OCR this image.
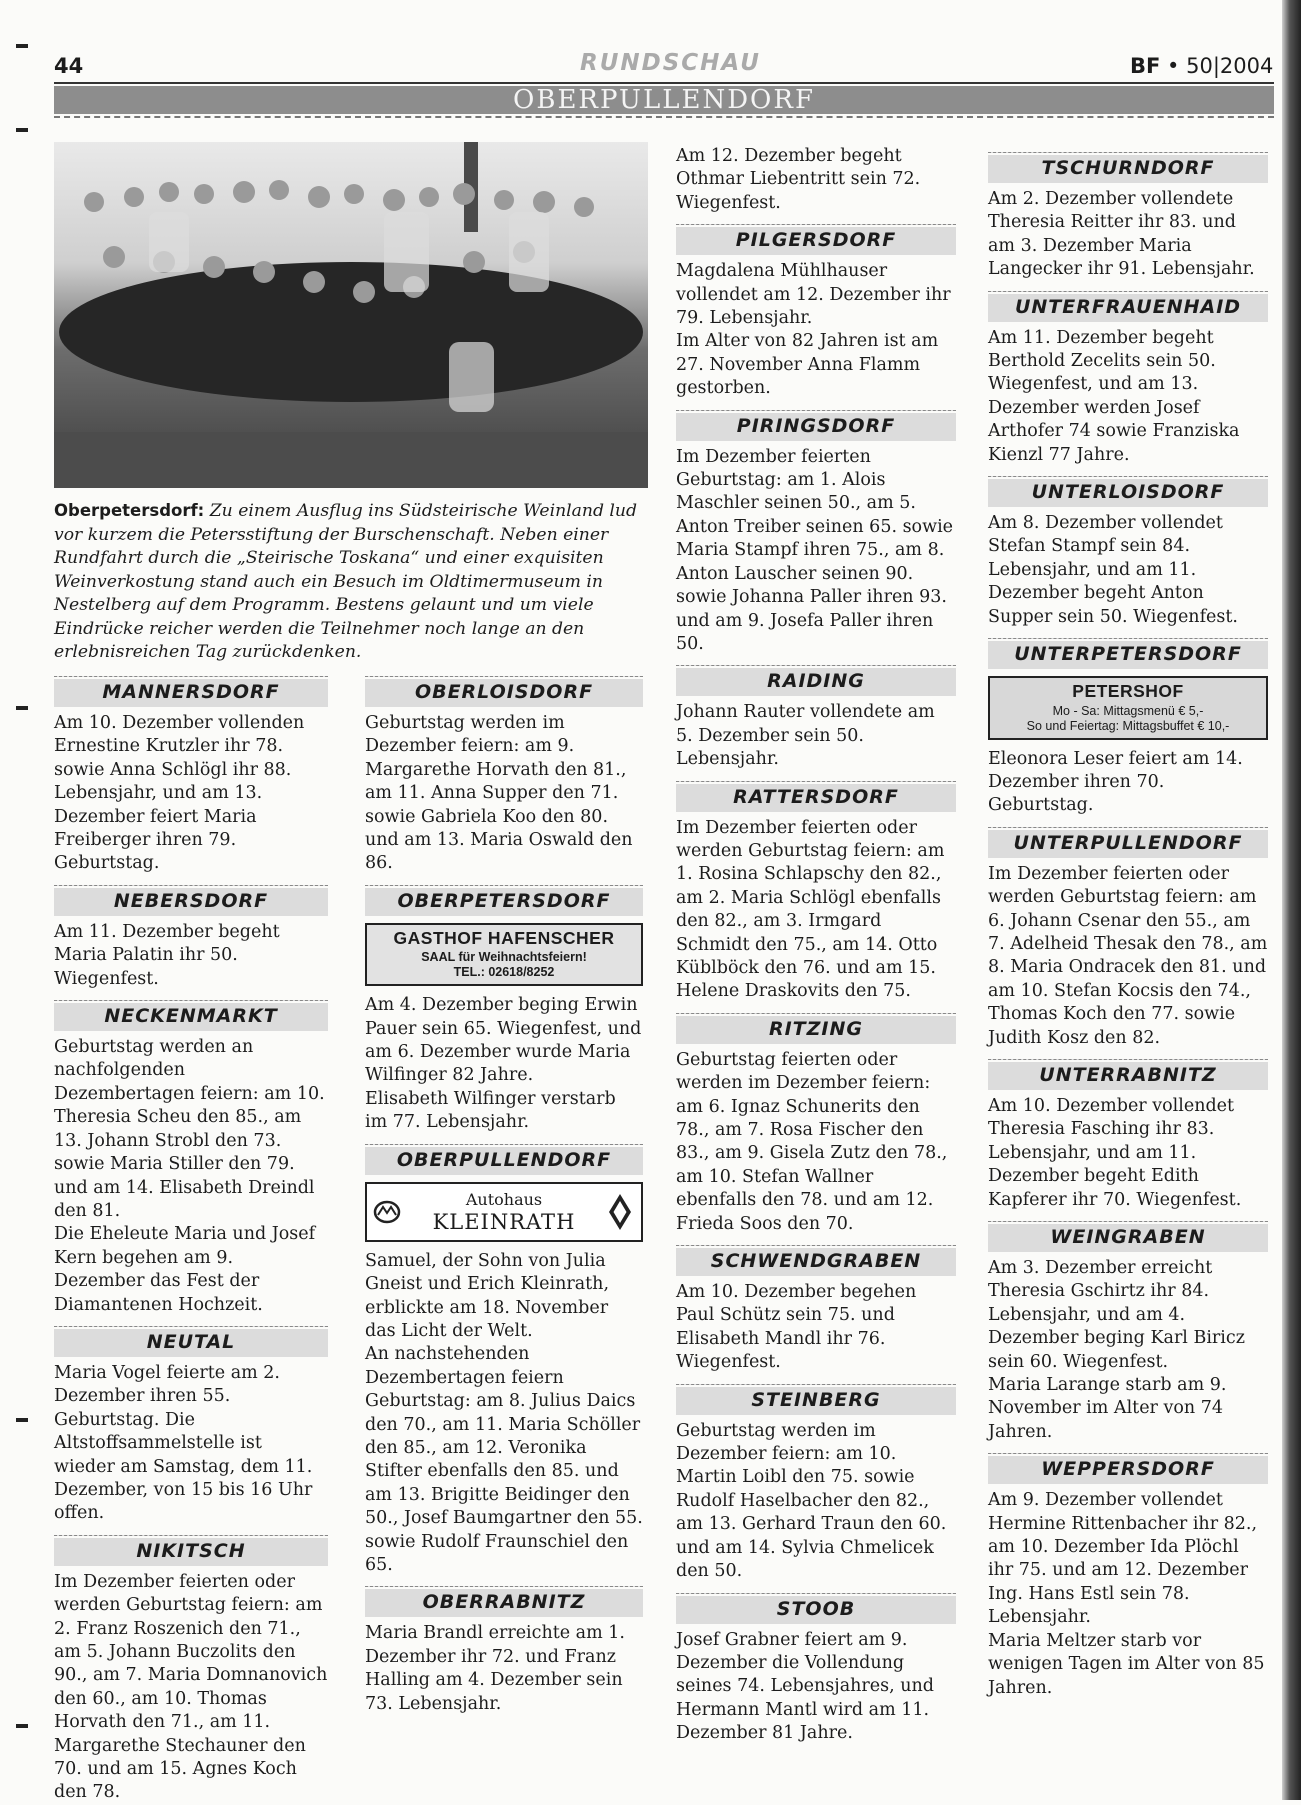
44	RUNDSCHAU	BF • 50|2004
OBERPULLENDORF
Oberpetersdorf: Zu einem Ausflug ins Südsteirische Weinland lud vor kurzem die Petersstiftung der Burschenschaft. Neben einer Rundfahrt durch die „Steirische Toskana“ und einer exquisiten Weinverkostung stand auch ein Besuch im Oldtimermuseum in Nestelberg auf dem Programm. Bestens gelaunt und um viele Eindrücke reicher werden die Teilnehmer noch lange an den erlebnisreichen Tag zurückdenken.
MANNERSDORF

Am 10. Dezember vollenden Ernestine Krutzler ihr 78. sowie Anna Schlögl ihr 88. Lebensjahr, und am 13. Dezember feiert Maria Freiberger ihren 79. Geburtstag.

NEBERSDORF

Am 11. Dezember begeht Maria Palatin ihr 50. Wiegenfest.

NECKENMARKT

Geburtstag werden an nachfolgenden Dezembertagen feiern: am 10. Theresia Scheu den 85., am 13. Johann Strobl den 73. sowie Maria Stiller den 79. und am 14. Elisabeth Dreindl den 81.

Die Eheleute Maria und Josef Kern begehen am 9. Dezember das Fest der Diamantenen Hochzeit.

NEUTAL

Maria Vogel feierte am 2. Dezember ihren 55. Geburtstag. Die Altstoffsammelstelle ist wieder am Samstag, dem 11. Dezember, von 15 bis 16 Uhr offen.

NIKITSCH

Im Dezember feierten oder werden Geburtstag feiern: am 2. Franz Roszenich den 71., am 5. Johann Buczolits den 90., am 7. Maria Domnanovich den 60., am 10. Thomas Horvath den 71., am 11. Margarethe Stechauner den 70. und am 15. Agnes Koch den 78.

OBERLOISDORF

Geburtstag werden im Dezember feiern: am 9. Margarethe Horvath den 81., am 11. Anna Supper den 71. sowie Gabriela Koo den 80. und am 13. Maria Oswald den 86.

OBERPETERSDORF
GASTHOF HAFENSCHER
SAAL für Weihnachtsfeiern!
TEL.: 02618/8252

Am 4. Dezember beging Erwin Pauer sein 65. Wiegenfest, und am 6. Dezember wurde Maria Wilfinger 82 Jahre.

Elisabeth Wilfinger verstarb im 77. Lebensjahr.

OBERPULLENDORF
Autohaus
KLEINRATH

Samuel, der Sohn von Julia Gneist und Erich Kleinrath, erblickte am 18. November das Licht der Welt.

An nachstehenden Dezembertagen feiern Geburtstag: am 8. Julius Daics den 70., am 11. Maria Schöller den 85., am 12. Veronika Stifter ebenfalls den 85. und am 13. Brigitte Beidinger den 50., Josef Baumgartner den 55. sowie Rudolf Fraunschiel den 65.

OBERRABNITZ

Maria Brandl erreichte am 1. Dezember ihr 72. und Franz Halling am 4. Dezember sein 73. Lebensjahr.

Am 12. Dezember begeht Othmar Liebentritt sein 72. Wiegenfest.

PILGERSDORF

Magdalena Mühlhauser vollendet am 12. Dezember ihr 79. Lebensjahr.

Im Alter von 82 Jahren ist am 27. November Anna Flamm gestorben.

PIRINGSDORF

Im Dezember feierten Geburtstag: am 1. Alois Maschler seinen 50., am 5. Anton Treiber seinen 65. sowie Maria Stampf ihren 75., am 8. Anton Lauscher seinen 90. sowie Johanna Paller ihren 93. und am 9. Josefa Paller ihren 50.

RAIDING

Johann Rauter vollendete am 5. Dezember sein 50. Lebensjahr.

RATTERSDORF

Im Dezember feierten oder werden Geburtstag feiern: am 1. Rosina Schlapschy den 82., am 2. Maria Schlögl ebenfalls den 82., am 3. Irmgard Schmidt den 75., am 14. Otto Küblböck den 76. und am 15. Helene Draskovits den 75.

RITZING

Geburtstag feierten oder werden im Dezember feiern: am 6. Ignaz Schunerits den 78., am 7. Rosa Fischer den 83., am 9. Gisela Zutz den 78., am 10. Stefan Wallner ebenfalls den 78. und am 12. Frieda Soos den 70.

SCHWENDGRABEN

Am 10. Dezember begehen Paul Schütz sein 75. und Elisabeth Mandl ihr 76. Wiegenfest.

STEINBERG

Geburtstag werden im Dezember feiern: am 10. Martin Loibl den 75. sowie Rudolf Haselbacher den 82., am 13. Gerhard Traun den 60. und am 14. Sylvia Chmelicek den 50.

STOOB

Josef Grabner feiert am 9. Dezember die Vollendung seines 74. Lebensjahres, und Hermann Mantl wird am 11. Dezember 81 Jahre.

TSCHURNDORF

Am 2. Dezember vollendete Theresia Reitter ihr 83. und am 3. Dezember Maria Langecker ihr 91. Lebensjahr.

UNTERFRAUENHAID

Am 11. Dezember begeht Berthold Zecelits sein 50. Wiegenfest, und am 13. Dezember werden Josef Arthofer 74 sowie Franziska Kienzl 77 Jahre.

UNTERLOISDORF

Am 8. Dezember vollendet Stefan Stampf sein 84. Lebensjahr, und am 11. Dezember begeht Anton Supper sein 50. Wiegenfest.

UNTERPETERSDORF
PETERSHOF
Mo - Sa: Mittagsmenü € 5,-
So und Feiertag: Mittagsbuffet € 10,-

Eleonora Leser feiert am 14. Dezember ihren 70. Geburtstag.

UNTERPULLENDORF

Im Dezember feierten oder werden Geburtstag feiern: am 6. Johann Csenar den 55., am 7. Adelheid Thesak den 78., am 8. Maria Ondracek den 81. und am 10. Stefan Kocsis den 74., Thomas Koch den 77. sowie Judith Kosz den 82.

UNTERRABNITZ

Am 10. Dezember vollendet Theresia Fasching ihr 83. Lebensjahr, und am 11. Dezember begeht Edith Kapferer ihr 70. Wiegenfest.

WEINGRABEN

Am 3. Dezember erreicht Theresia Gschirtz ihr 84. Lebensjahr, und am 4. Dezember beging Karl Biricz sein 60. Wiegenfest.

Maria Larange starb am 9. November im Alter von 74 Jahren.

WEPPERSDORF

Am 9. Dezember vollendet Hermine Rittenbacher ihr 82., am 10. Dezember Ida Plöchl ihr 75. und am 12. Dezember Ing. Hans Estl sein 78. Lebensjahr.

Maria Meltzer starb vor wenigen Tagen im Alter von 85 Jahren.
